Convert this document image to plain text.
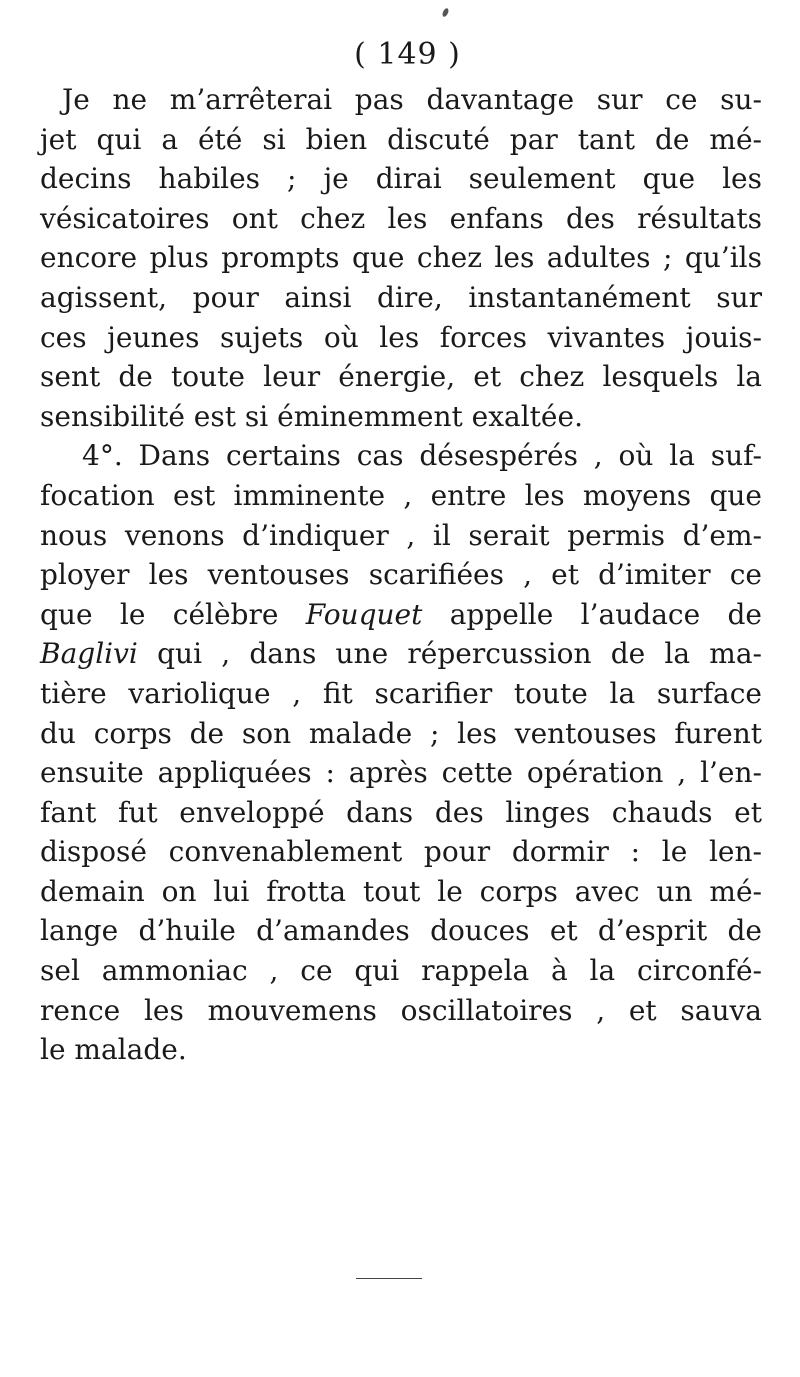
( 149 )
Je ne m’arrêterai pas davantage sur ce su-
jet qui a été si bien discuté par tant de mé-
decins habiles ; je dirai seulement que les
vésicatoires ont chez les enfans des résultats
encore plus prompts que chez les adultes ; qu’ils
agissent, pour ainsi dire, instantanément sur
ces jeunes sujets où les forces vivantes jouis-
sent de toute leur énergie, et chez lesquels la
sensibilité est si éminemment exaltée.
4°. Dans certains cas désespérés , où la suf-
focation est imminente , entre les moyens que
nous venons d’indiquer , il serait permis d’em-
ployer les ventouses scarifiées , et d’imiter ce
que le célèbre Fouquet appelle l’audace de
Baglivi qui , dans une répercussion de la ma-
tière variolique , fit scarifier toute la surface
du corps de son malade ; les ventouses furent
ensuite appliquées : après cette opération , l’en-
fant fut enveloppé dans des linges chauds et
disposé convenablement pour dormir : le len-
demain on lui frotta tout le corps avec un mé-
lange d’huile d’amandes douces et d’esprit de
sel ammoniac , ce qui rappela à la circonfé-
rence les mouvemens oscillatoires , et sauva
le malade.
